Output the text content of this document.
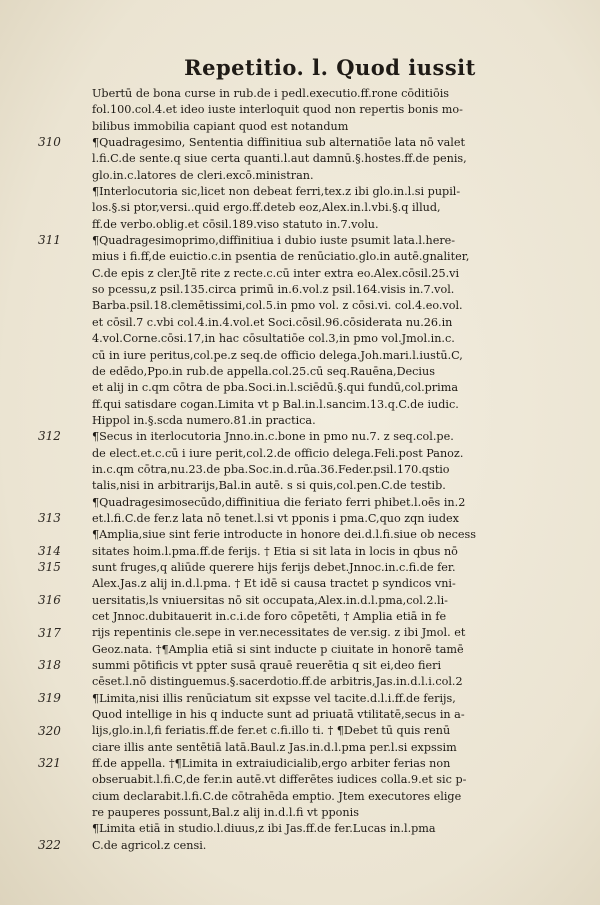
Repetitio. l. Quod iussit
310
311
312
313
314
315
316
317
318
319
320
321
322
Ubertū de bona curse in rub.de i pedl.executio.ff.rone cōditiōis
fol.100.col.4.et ideo iuste interloquit quod non repertis bonis mo-
bilibus immobilia capiant quod est notandum
¶Quadragesimo, Sententia diffinitiua sub alternatiōe lata nō valet
l.fi.C.de sente.q siue certa quanti.l.aut damnū.§.hostes.ff.de penis,
glo.in.c.latores de cleri.excō.ministran.
¶Interlocutoria sic,licet non debeat ferri,tex.z ibi glo.in.l.si pupil-
los.§.si ptor,versi..quid ergo.ff.deteb eoz,Alex.in.l.vbi.§.q illud,
ff.de verbo.oblig.et cōsil.189.viso statuto in.7.volu.
¶Quadragesimoprimo,diffinitiua i dubio iuste psumit lata.l.here-
mius i fi.ff,de euictio.c.in psentia de renūciatio.glo.in autē.gnaliter,
C.de epis z cler.Jtē rite z recte.c.cū inter extra eo.Alex.cōsil.25.vi
so pcessu,z psil.135.circa primū in.6.vol.z psil.164.visis in.7.vol.
Barba.psil.18.clemētissimi,col.5.in pmo vol. z cōsi.vi. col.4.eo.vol.
et cōsil.7 c.vbi col.4.in.4.vol.et Soci.cōsil.96.cōsiderata nu.26.in
4.vol.Corne.cōsi.17,in hac cōsultatiōe col.3,in pmo vol.Jmol.in.c.
cū in iure peritus,col.pe.z seq.de officio delega.Joh.mari.l.iustū.C,
de edēdo,Ppo.in rub.de appella.col.25.cū seq.Rauēna,Decius
et alij in c.qm cōtra de pba.Soci.in.l.sciēdū.§.qui fundū,col.prima
ff.qui satisdare cogan.Limita vt p Bal.in.l.sancim.13.q.C.de iudic.
Hippol in.§.scda numero.81.in practica.
¶Secus in iterlocutoria Jnno.in.c.bone in pmo nu.7. z seq.col.pe.
de elect.et.c.cū i iure perit,col.2.de officio delega.Feli.post Panoz.
in.c.qm cōtra,nu.23.de pba.Soc.in.d.rūa.36.Feder.psil.170.qstio
talis,nisi in arbitrarijs,Bal.in autē. s si quis,col.pen.C.de testib.
¶Quadragesimosecūdo,diffinitiua die feriato ferri phibet.l.oēs in.2
et.l.fi.C.de fer.z lata nō tenet.l.si vt pponis i pma.C,quo zqn iudex
¶Amplia,siue sint ferie introducte in honore dei.d.l.fi.siue ob necess
sitates hoim.l.pma.ff.de ferijs. † Etia si sit lata in locis in qbus nō
sunt fruges,q aliūde querere hijs ferijs debet.Jnnoc.in.c.fi.de fer.
Alex.Jas.z alij in.d.l.pma. † Et idē si causa tractet p syndicos vni-
uersitatis,ls vniuersitas nō sit occupata,Alex.in.d.l.pma,col.2.li-
cet Jnnoc.dubitauerit in.c.i.de foro cōpetēti, † Amplia etiā in fe
rijs repentinis cle.sepe in ver.necessitates de ver.sig. z ibi Jmol. et
Geoz.nata. †¶Amplia etiā si sint inducte p ciuitate in honorē tamē
summi pōtificis vt ppter susā qrauē reuerētia q sit ei,deo fieri
cēset.l.nō distinguemus.§.sacerdotio.ff.de arbitris,Jas.in.d.l.i.col.2
¶Limita,nisi illis renūciatum sit expsse vel tacite.d.l.i.ff.de ferijs,
Quod intellige in his q inducte sunt ad priuatā vtilitatē,secus in a-
lijs,glo.in.l,fi feriatis.ff.de fer.et c.fi.illo ti. † ¶Debet tū quis renū
ciare illis ante sentētiā latā.Baul.z Jas.in.d.l.pma per.l.si expssim
ff.de appella. †¶Limita in extraiudicialib,ergo arbiter ferias non
obseruabit.l.fi.C,de fer.in autē.vt differētes iudices colla.9.et sic p-
cium declarabit.l.fi.C.de cōtrahēda emptio. Jtem executores elige
re pauperes possunt,Bal.z alij in.d.l.fi vt pponis
¶Limita etiā in studio.l.diuus,z ibi Jas.ff.de fer.Lucas in.l.pma
C.de agricol.z censi.
